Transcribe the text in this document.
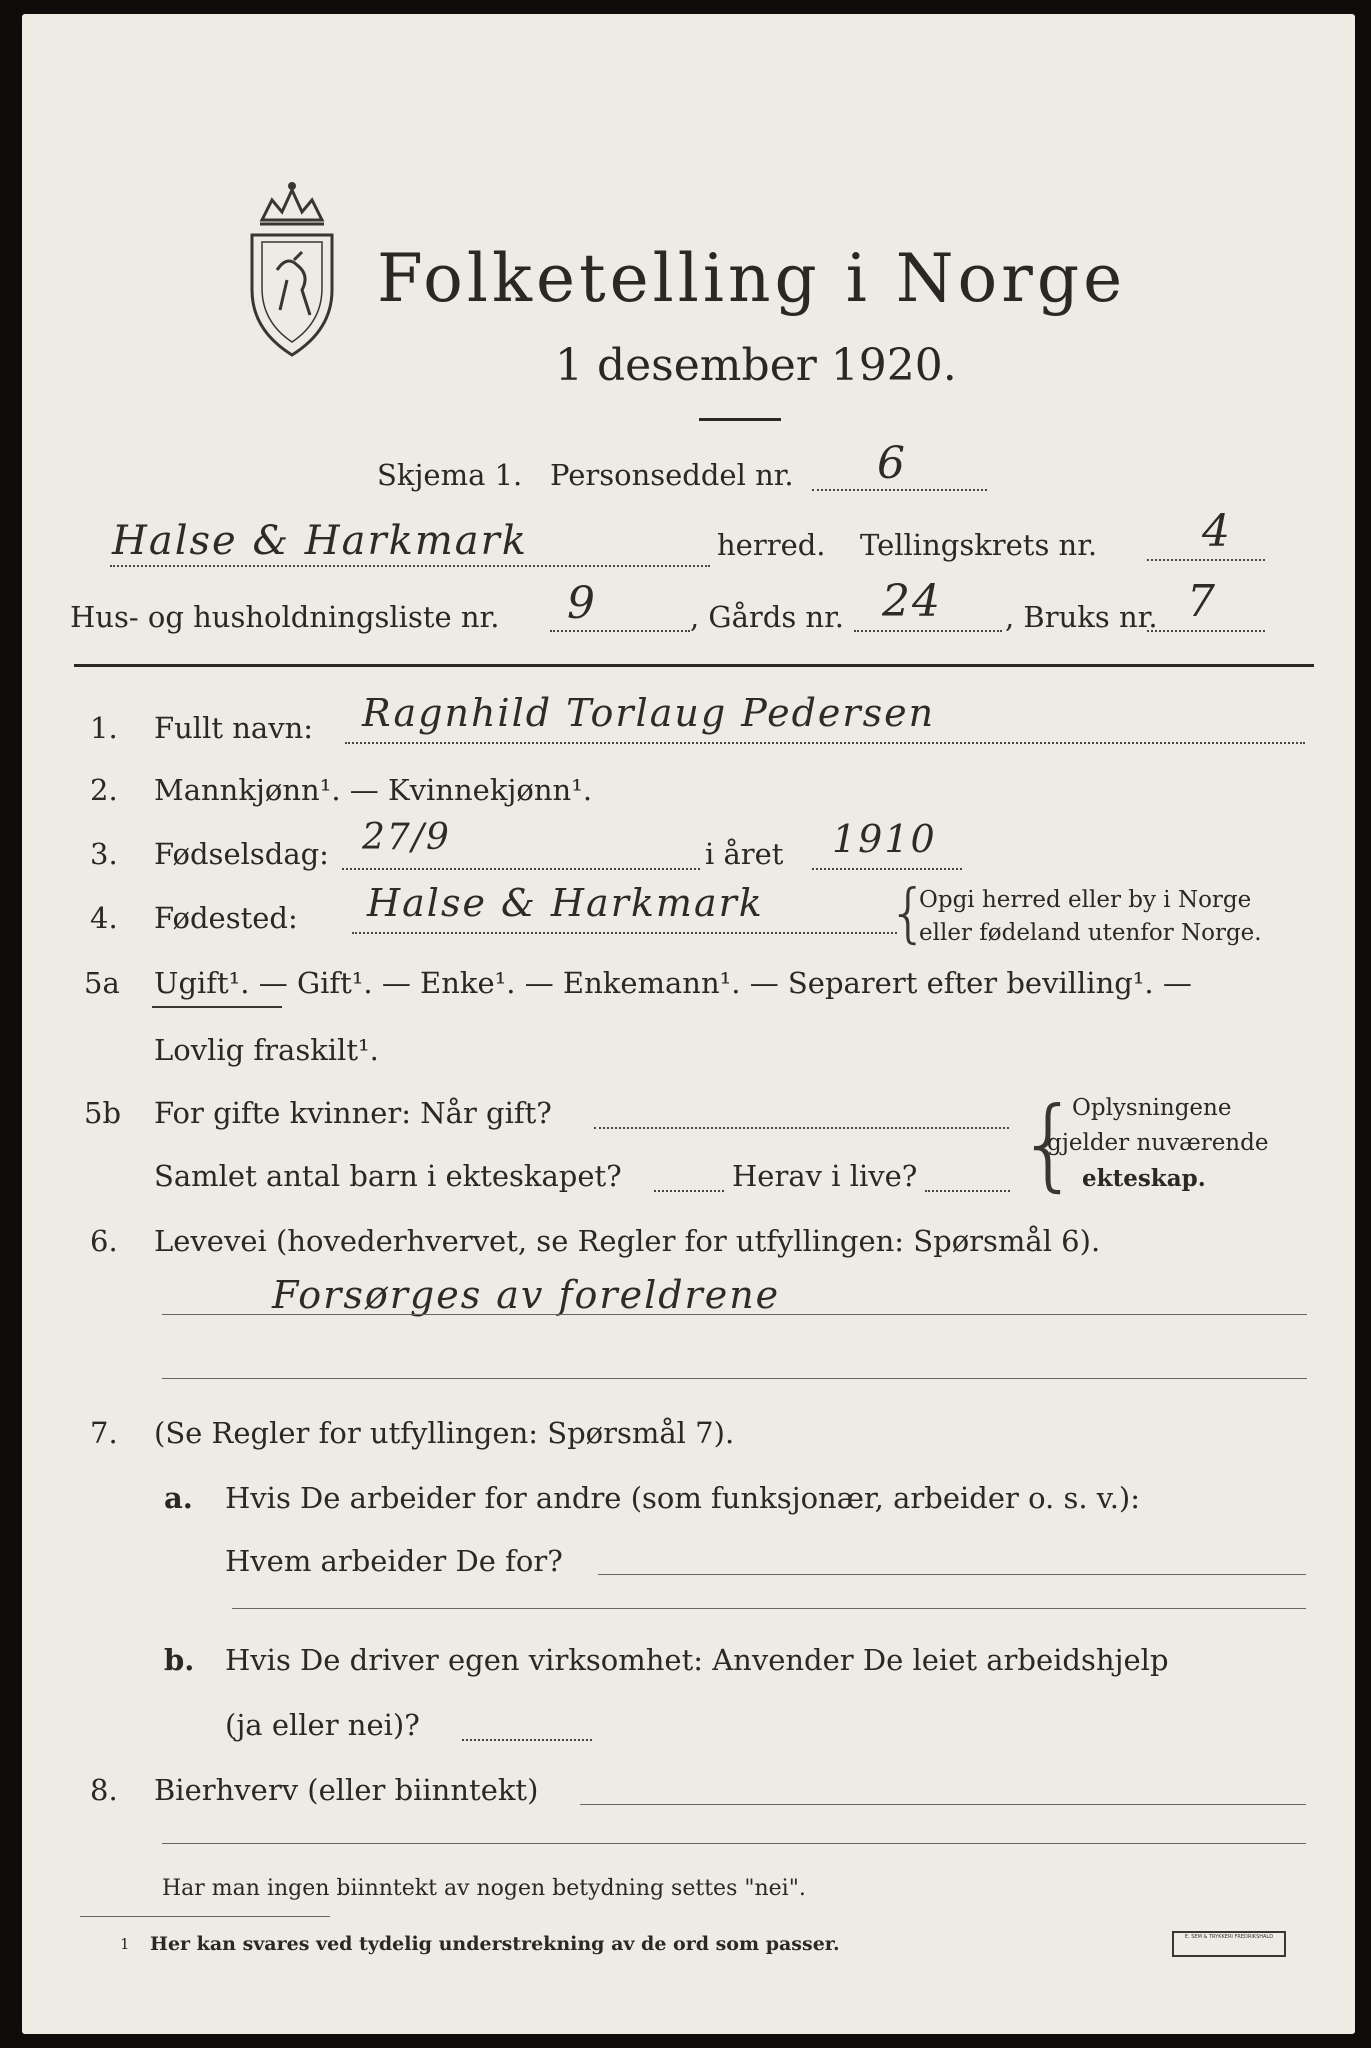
Folketelling i Norge
1 desember 1920.
Skjema 1. Personseddel nr. 6
Halse & Harkmark	herred. Tellingskrets nr. 4
Hus- og husholdningsliste nr. 9	, Gårds nr. 24 , Bruks nr. 7
1. Fullt navn: Ragnhild Torlaug Pedersen
2. Mannkjønn¹. — Kvinnekjønn¹.
3. Fødselsdag: 27/9	i året 1910
4. Fødested: Halse & Harkmark {
Opgi herred eller by i Norge
eller fødeland utenfor Norge.
5a Ugift¹. — Gift¹. — Enke¹. — Enkemann¹. — Separert efter bevilling¹. —
Lovlig fraskilt¹.
5b For gifte kvinner: Når gift?
Samlet antal barn i ekteskapet?	Herav i live? {
Oplysningene
gjelder nuværende
ekteskap.
6. Levevei (hovederhvervet, se Regler for utfyllingen: Spørsmål 6).
Forsørges av foreldrene
7. (Se Regler for utfyllingen: Spørsmål 7).
a. Hvis De arbeider for andre (som funksjonær, arbeider o. s. v.):
Hvem arbeider De for?
b. Hvis De driver egen virksomhet: Anvender De leiet arbeidshjelp
(ja eller nei)?
8. Bierhverv (eller biinntekt)
Har man ingen biinntekt av nogen betydning settes "nei".
1 Her kan svares ved tydelig understrekning av de ord som passer.	E. SEM & TRYKKERI FREDRIKSHALD
